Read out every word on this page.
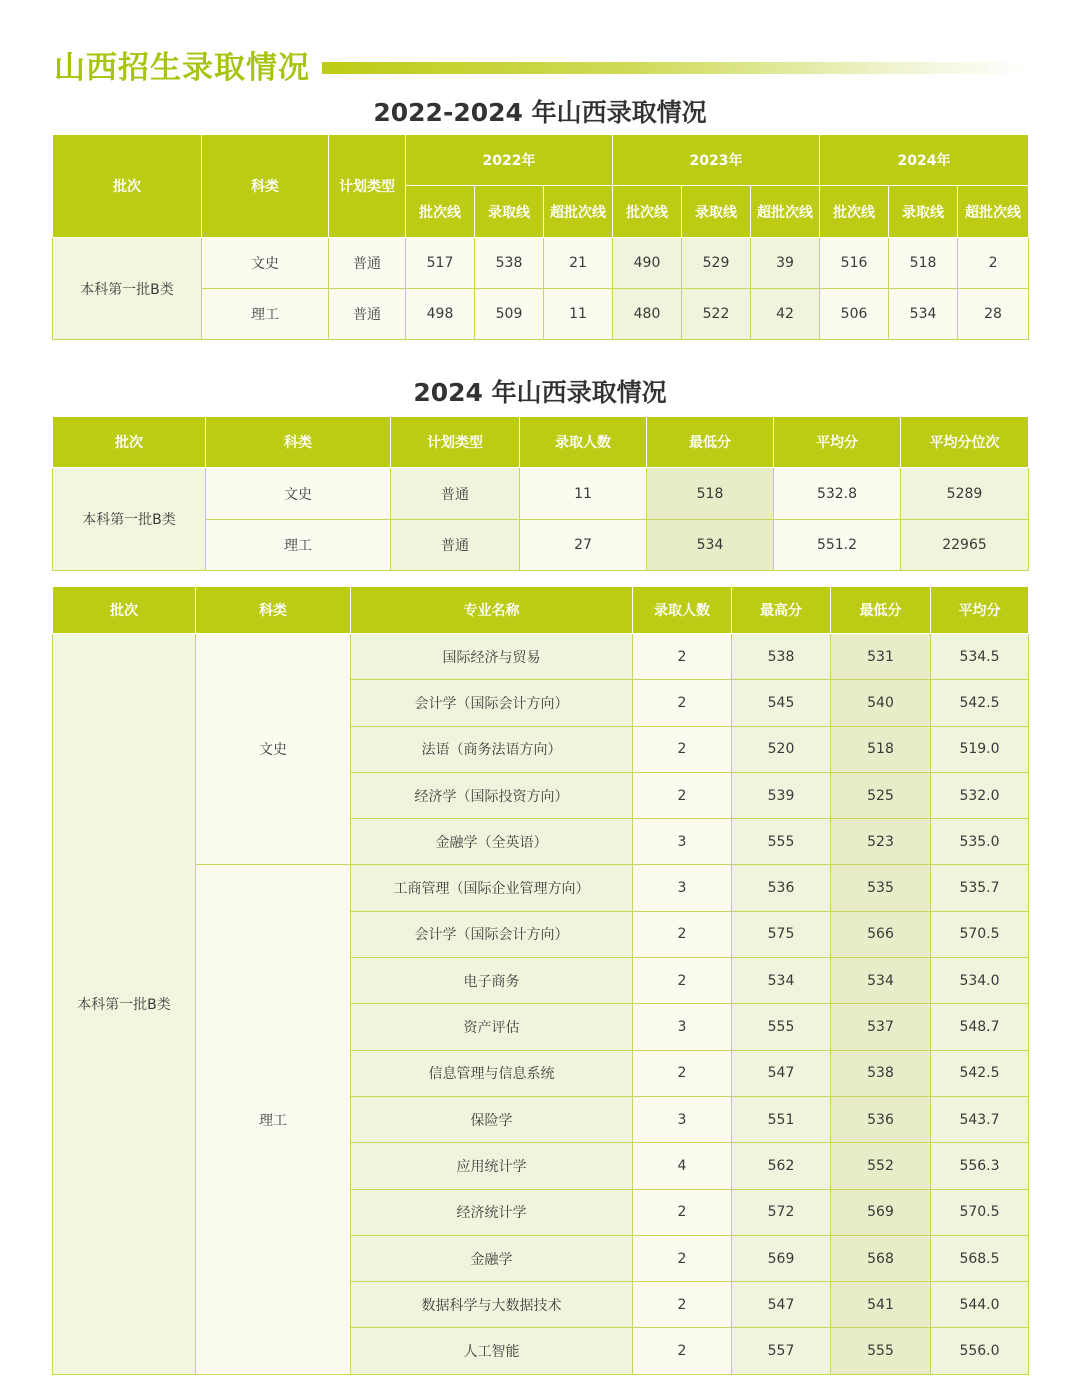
山西招生录取情况
2022-2024 年山西录取情况
批次	科类	计划类型	2022年			2023年			2024年		
			批次线	录取线	超批次线	批次线	录取线	超批次线	批次线	录取线	超批次线
本科第一批B类	文史	普通	517	538	21	490	529	39	516	518	2
	理工	普通	498	509	11	480	522	42	506	534	28
2024 年山西录取情况
批次	科类	计划类型	录取人数	最低分	平均分	平均分位次
本科第一批B类	文史	普通	11	518	532.8	5289
	理工	普通	27	534	551.2	22965
批次	科类	专业名称	录取人数	最高分	最低分	平均分
本科第一批B类	文史	国际经济与贸易	2	538	531	534.5
		会计学（国际会计方向）	2	545	540	542.5
		法语（商务法语方向）	2	520	518	519.0
		经济学（国际投资方向）	2	539	525	532.0
		金融学（全英语）	3	555	523	535.0
	理工	工商管理（国际企业管理方向）	3	536	535	535.7
		会计学（国际会计方向）	2	575	566	570.5
		电子商务	2	534	534	534.0
		资产评估	3	555	537	548.7
		信息管理与信息系统	2	547	538	542.5
		保险学	3	551	536	543.7
		应用统计学	4	562	552	556.3
		经济统计学	2	572	569	570.5
		金融学	2	569	568	568.5
		数据科学与大数据技术	2	547	541	544.0
		人工智能	2	557	555	556.0
